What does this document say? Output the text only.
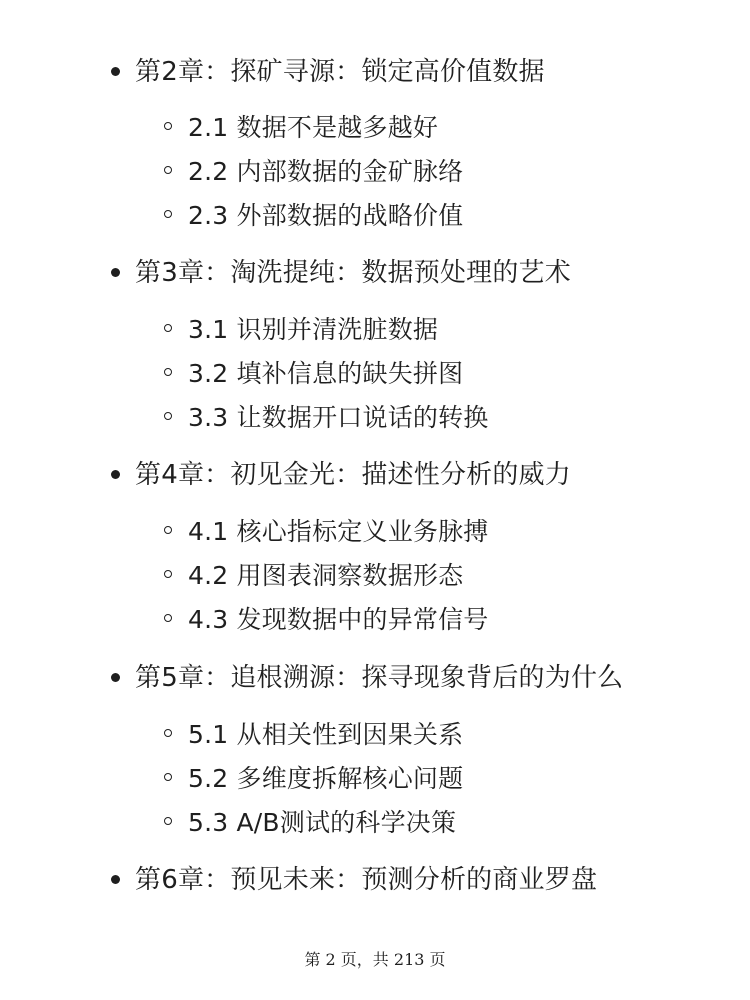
第2章：探矿寻源：锁定高价值数据
2.1 数据不是越多越好
2.2 内部数据的金矿脉络
2.3 外部数据的战略价值
第3章：淘洗提纯：数据预处理的艺术
3.1 识别并清洗脏数据
3.2 填补信息的缺失拼图
3.3 让数据开口说话的转换
第4章：初见金光：描述性分析的威力
4.1 核心指标定义业务脉搏
4.2 用图表洞察数据形态
4.3 发现数据中的异常信号
第5章：追根溯源：探寻现象背后的为什么
5.1 从相关性到因果关系
5.2 多维度拆解核心问题
5.3 A/B测试的科学决策
第6章：预见未来：预测分析的商业罗盘
第 2 页，共 213 页
